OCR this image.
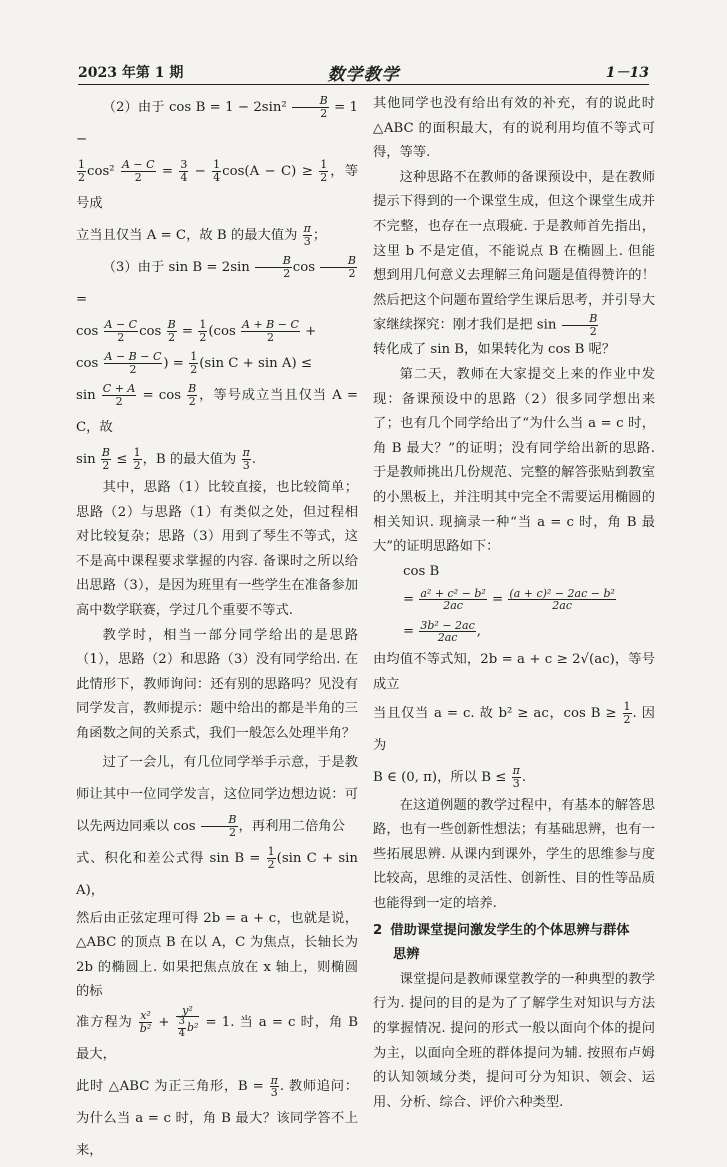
2023 年第 1 期	数学教学	1－13

（2）由于 $\cos B = 1 - 2\sin^2 \frac{B}{2} = 1$ −

$\frac{1}{2} \cos^2 \frac{A - C}{2} = \frac{3}{4} - \frac{1}{4} \cos(A - C) \ge \frac{1}{2}$ ，等号成

立当且仅当 A = C，故 B 的最大值为 $\frac{\pi}{3}$ ；

（3）由于 $\sin B = 2\sin \frac{B}{2}$ $\cos \frac{B}{2}$
=

$\cos \frac{A - C}{2}$ $\cos \frac{B}{2} = \frac{1}{2} (\cos \frac{A + B - C}{2}$ +

$\cos \frac{A - B - C}{2}$ ) = $\frac{1}{2} (\sin$ C + sin A) ≤

$\sin \frac{C + A}{2} = \cos \frac{B}{2}$ ，等号成立当且仅当 A = C，故

$\sin \frac{B}{2} \le \frac{1}{2}$ ，B 的最大值为 $\frac{\pi}{3}$ .

其中，思路（1）比较直接，也比较简单；思路（2）与思路（1）有类似之处，但过程相对比较复杂；思路（3）用到了琴生不等式，这不是高中课程要求掌握的内容. 备课时之所以给出思路（3），是因为班里有一些学生在准备参加高中数学联赛，学过几个重要不等式.

教学时，相当一部分同学给出的是思路（1），思路（2）和思路（3）没有同学给出. 在此情形下，教师询问：还有别的思路吗？见没有同学发言，教师提示：题中给出的都是半角的三角函数之间的关系式，我们一般怎么处理半角？

过了一会儿，有几位同学举手示意，于是教师让其中一位同学发言，这位同学边想边说：可以先两边同乘以 $\cos \frac{B}{2}$ ，再利用二倍角公

式、积化和差公式得 $\sin B = \frac{1}{2} (\sin$ C + sin A)，

然后由正弦定理可得 2b = a + c，也就是说，△ABC 的顶点 B 在以 A，C 为焦点，长轴长为 2b 的椭圆上. 如果把焦点放在 x 轴上，则椭圆的标

准方程为 $\frac{\text{x²}}{\text{b²}} + \frac{\text{y²}}{\frac{3}{4} b^2} = 1$. 当 a = c 时，角 B 最大，

此时 △ABC 为正三角形，$B = \frac{\pi}{3}$ . 教师追问：为什么当 a = c 时，角 B 最大？该同学答不上来，

其他同学也没有给出有效的补充，有的说此时 △ABC 的面积最大，有的说利用均值不等式可得，等等.

这种思路不在教师的备课预设中，是在教师提示下得到的一个课堂生成，但这个课堂生成并不完整，也存在一点瑕疵. 于是教师首先指出，这里 b 不是定值，不能说点 B 在椭圆上. 但能想到用几何意义去理解三角问题是值得赞许的！然后把这个问题布置给学生课后思考，并引导大家继续探究：刚才我们是把 $\sin \frac{B}{2}$

转化成了 sin B，如果转化为 cos B 呢？

第二天，教师在大家提交上来的作业中发现：备课预设中的思路（2）很多同学想出来了；也有几个同学给出了“为什么当 a = c 时，角 B 最大？”的证明；没有同学给出新的思路. 于是教师挑出几份规范、完整的解答张贴到教室的小黑板上，并注明其中完全不需要运用椭圆的相关知识. 现摘录一种“当 a = c 时，角 B 最大”的证明思路如下：

cos B

= $\frac{\text{a² + c² − b²}}{2ac} = \frac{\text{(a + c)² − 2ac − b²}}{2ac}$

= $\frac{\text{3b² − 2ac}}{2ac}$ ,

由均值不等式知，2b = a + c ≥ 2√(ac)，等号成立

当且仅当 a = c. 故 b² ≥ ac，$\cos B \ge \frac{1}{2}$ . 因为

B ∈ (0, π)，所以 $B \le \frac{\pi}{3}$ .

在这道例题的教学过程中，有基本的解答思路，也有一些创新性想法；有基础思辨，也有一些拓展思辨. 从课内到课外，学生的思维参与度比较高，思维的灵活性、创新性、目的性等品质也能得到一定的培养.

2 借助课堂提问激发学生的个体思辨与群体
思辨

课堂提问是教师课堂教学的一种典型的教学行为. 提问的目的是为了了解学生对知识与方法的掌握情况. 提问的形式一般以面向个体的提问为主，以面向全班的群体提问为辅. 按照布卢姆的认知领域分类，提问可分为知识、领会、运用、分析、综合、评价六种类型.
